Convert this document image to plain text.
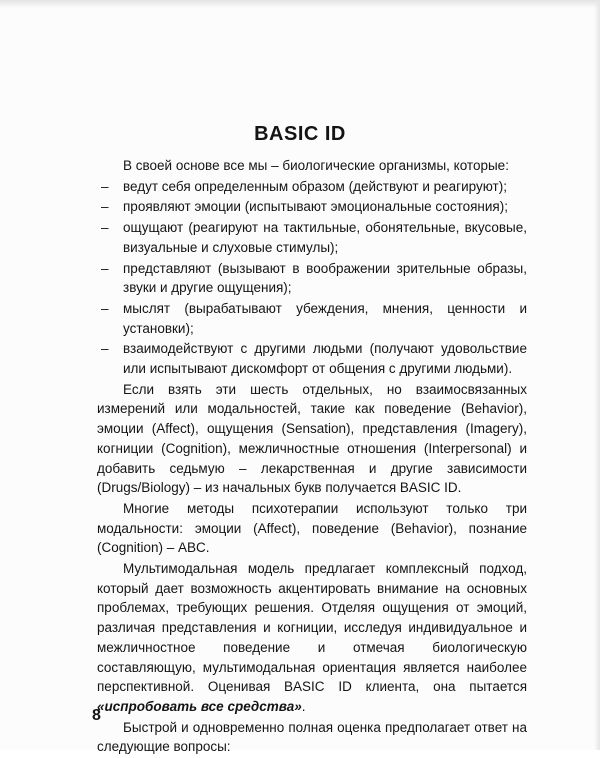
BASIC ID

В своей основе все мы – биологические организмы, которые:

– ведут себя определенным образом (действуют и реагируют);
– проявляют эмоции (испытывают эмоциональные состояния);
– ощущают (реагируют на тактильные, обонятельные, вкусовые, визуальные и слуховые стимулы);
– представляют (вызывают в воображении зрительные образы, звуки и другие ощущения);
– мыслят (вырабатывают убеждения, мнения, ценности и установки);
– взаимодействуют с другими людьми (получают удовольствие или испытывают дискомфорт от общения с другими людьми).

Если взять эти шесть отдельных, но взаимосвязанных измерений или модальностей, такие как поведение (Behavior), эмоции (Affect), ощущения (Sensation), представления (Imagery), когниции (Cognition), межличностные отношения (Interpersonal) и добавить седьмую – лекарственная и другие зависимости (Drugs/Biology) – из начальных букв получается BASIC ID.

Многие методы психотерапии используют только три модальности: эмоции (Affect), поведение (Behavior), познание (Cognition) – ABC.

Мультимодальная модель предлагает комплексный подход, который дает возможность акцентировать внимание на основных проблемах, требующих решения. Отделяя ощущения от эмоций, различая представления и когниции, исследуя индивидуальное и межличностное поведение и отмечая биологическую составляющую, мультимодальная ориентация является наиболее перспективной. Оценивая BASIC ID клиента, она пытается «испробовать все средства».

Быстрой и одновременно полная оценка предполагает ответ на следующие вопросы:

8
